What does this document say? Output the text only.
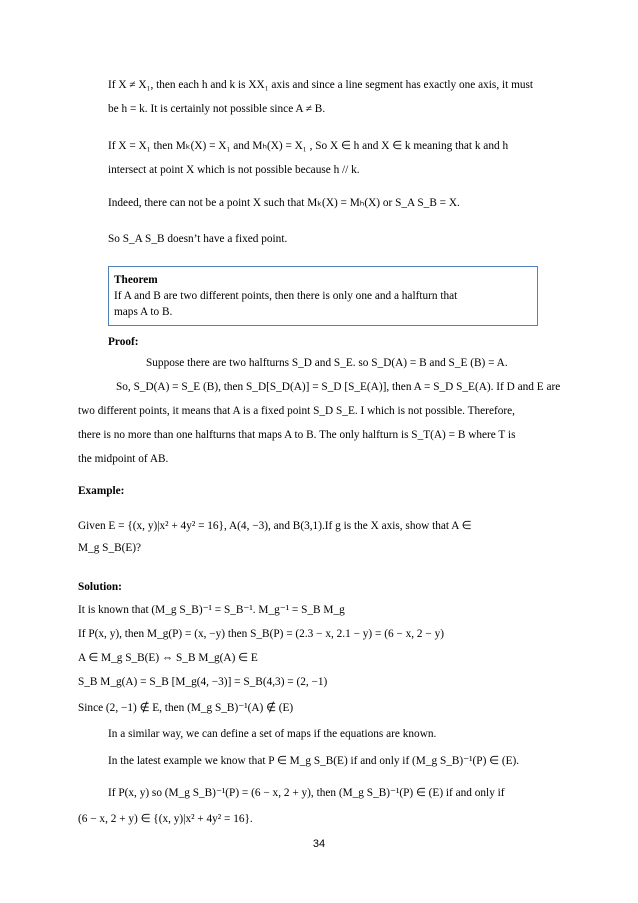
If X ≠ X₁, then each h and k is XX₁ axis and since a line segment has exactly one axis, it must
be h = k. It is certainly not possible since A ≠ B.
If X = X₁ then Mₖ(X) = X₁ and Mₕ(X) = X₁ , So X ∈ h and X ∈ k meaning that k and h
intersect at point X which is not possible because h // k.
Indeed, there can not be a point X such that Mₖ(X) = Mₕ(X) or S_A S_B = X.
So S_A S_B doesn’t have a fixed point.
Theorem
If A and B are two different points, then there is only one and a halfturn that
maps A to B.
Proof:
Suppose there are two halfturns S_D and S_E. so S_D(A) = B and S_E (B) = A.
So, S_D(A) = S_E (B), then S_D[S_D(A)] = S_D [S_E(A)], then A = S_D S_E(A). If D and E are
two different points, it means that A is a fixed point S_D S_E. I which is not possible. Therefore,
there is no more than one halfturns that maps A to B. The only halfturn is S_T(A) = B where T is
the midpoint of AB.
Example:
Given E = {(x, y)|x² + 4y² = 16}, A(4, −3), and B(3,1).If g is the X axis, show that A ∈
M_g S_B(E)?
Solution:
It is known that (M_g S_B)⁻¹ = S_B⁻¹. M_g⁻¹ = S_B M_g
If P(x, y), then M_g(P) = (x, −y) then S_B(P) = (2.3 − x, 2.1 − y) = (6 − x, 2 − y)
A ∈ M_g S_B(E) ⇔ S_B M_g(A) ∈ E
S_B M_g(A) = S_B [M_g(4, −3)] = S_B(4,3) = (2, −1)
Since (2, −1) ∉ E, then (M_g S_B)⁻¹(A) ∉ (E)
In a similar way, we can define a set of maps if the equations are known.
In the latest example we know that P ∈ M_g S_B(E) if and only if (M_g S_B)⁻¹(P) ∈ (E).
If P(x, y) so (M_g S_B)⁻¹(P) = (6 − x, 2 + y), then (M_g S_B)⁻¹(P) ∈ (E) if and only if
(6 − x, 2 + y) ∈ {(x, y)|x² + 4y² = 16}.
34
